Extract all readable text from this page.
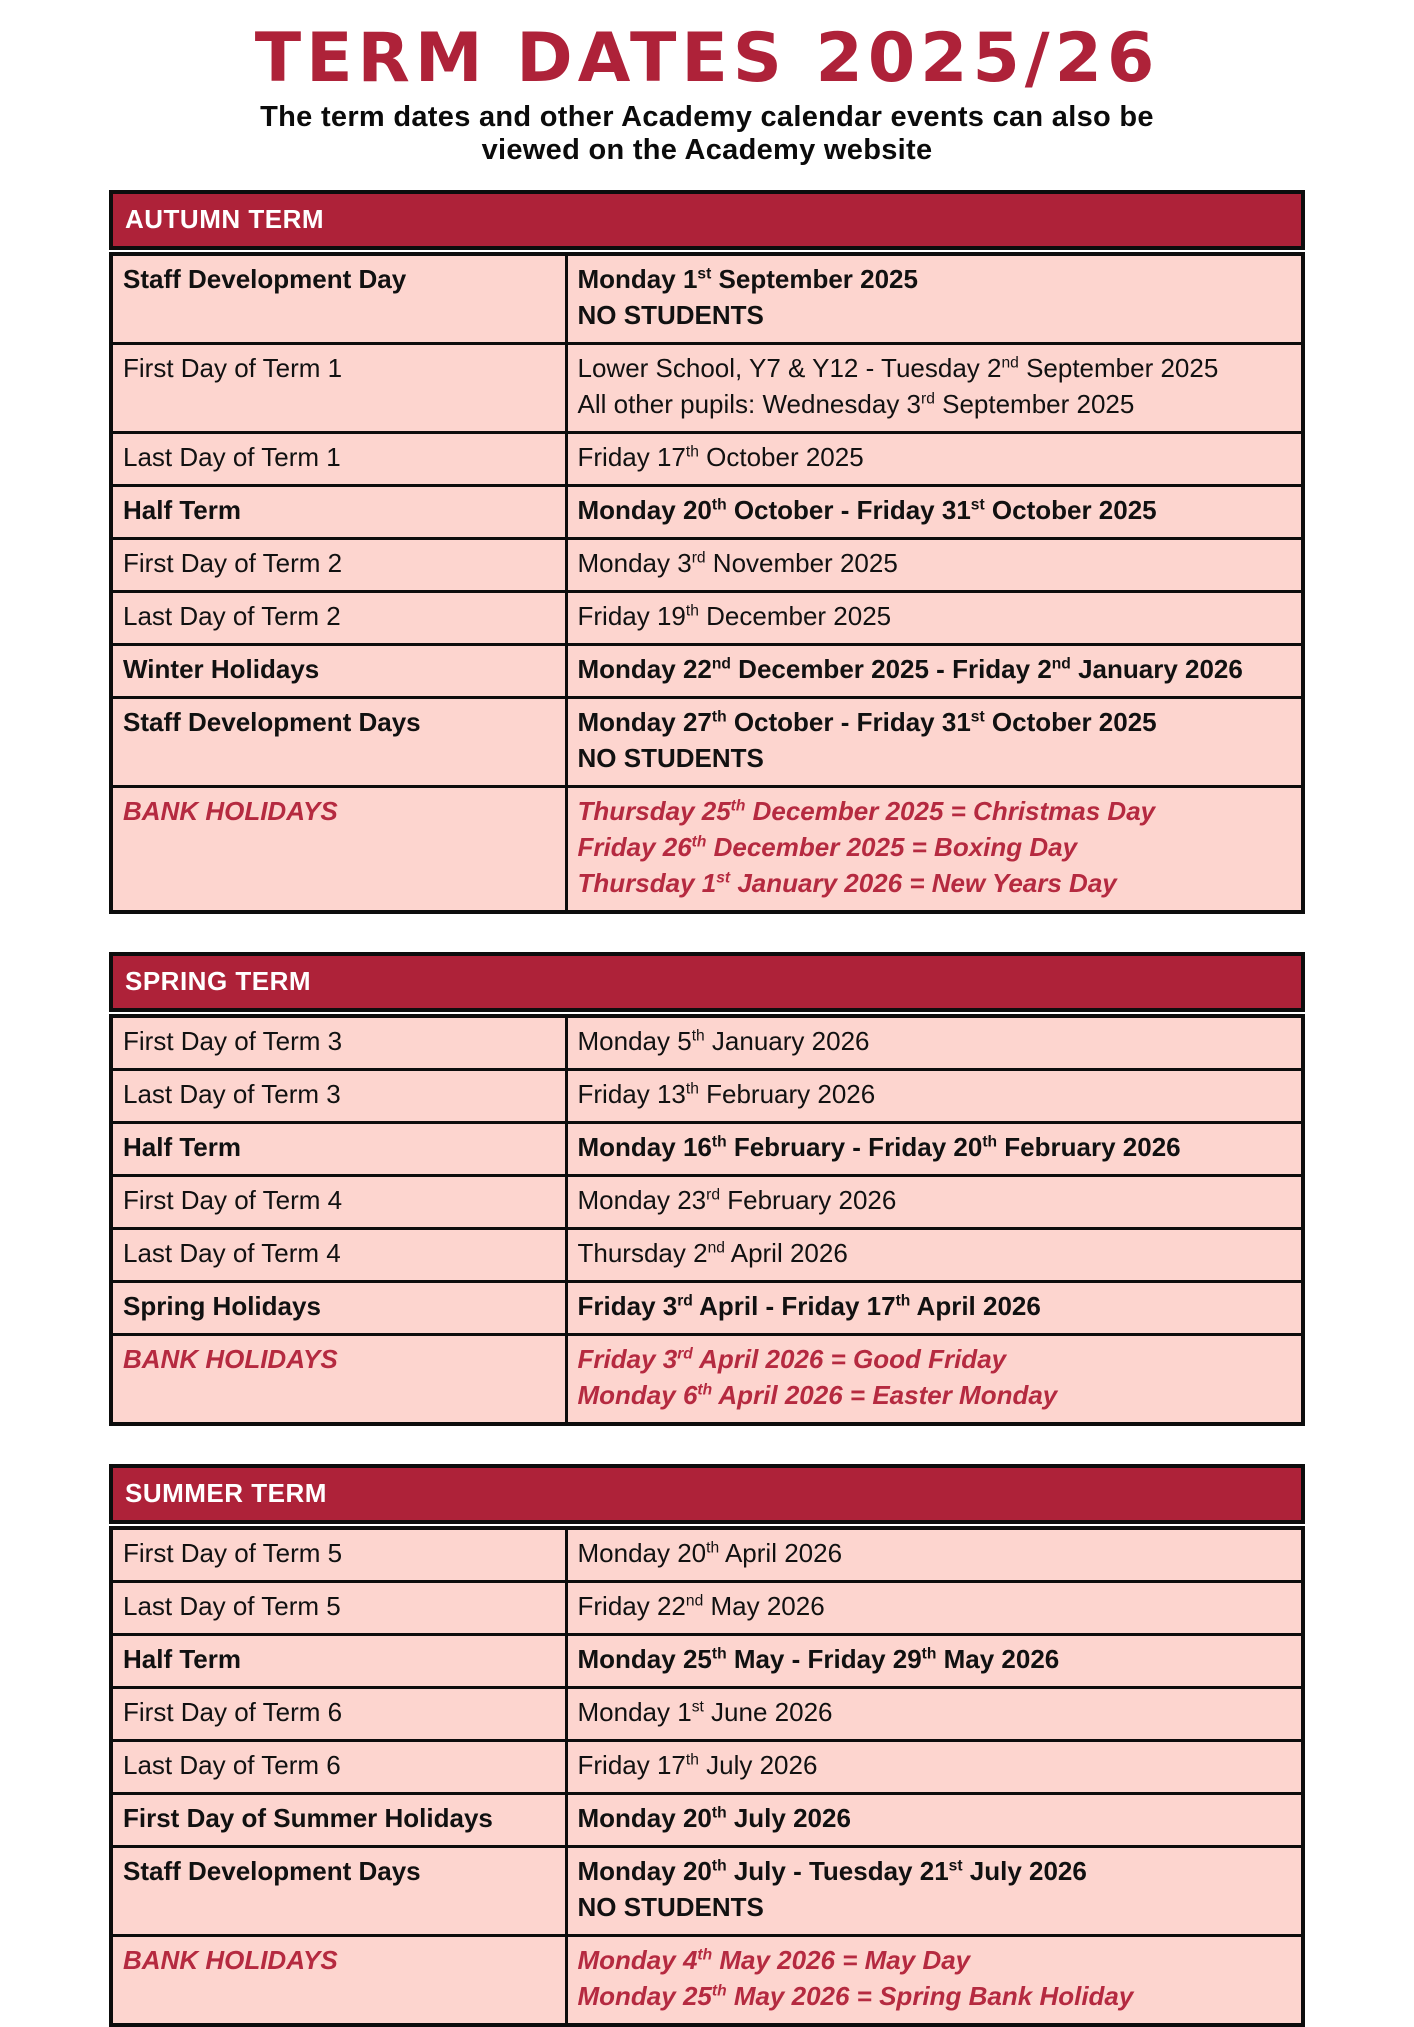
TERM DATES 2025/26

The term dates and other Academy calendar events can also be
viewed on the Academy website

AUTUMN TERM
Staff Development Day	Monday 1st September 2025
NO STUDENTS
First Day of Term 1	Lower School, Y7 & Y12 - Tuesday 2nd September 2025
All other pupils: Wednesday 3rd September 2025
Last Day of Term 1	Friday 17th October 2025
Half Term	Monday 20th October - Friday 31st October 2025
First Day of Term 2	Monday 3rd November 2025
Last Day of Term 2	Friday 19th December 2025
Winter Holidays	Monday 22nd December 2025 - Friday 2nd January 2026
Staff Development Days	Monday 27th October - Friday 31st October 2025
NO STUDENTS
BANK HOLIDAYS	Thursday 25th December 2025 = Christmas Day
Friday 26th December 2025 = Boxing Day
Thursday 1st January 2026 = New Years Day
SPRING TERM
First Day of Term 3	Monday 5th January 2026
Last Day of Term 3	Friday 13th February 2026
Half Term	Monday 16th February - Friday 20th February 2026
First Day of Term 4	Monday 23rd February 2026
Last Day of Term 4	Thursday 2nd April 2026
Spring Holidays	Friday 3rd April - Friday 17th April 2026
BANK HOLIDAYS	Friday 3rd April 2026 = Good Friday
Monday 6th April 2026 = Easter Monday
SUMMER TERM
First Day of Term 5	Monday 20th April 2026
Last Day of Term 5	Friday 22nd May 2026
Half Term	Monday 25th May - Friday 29th May 2026
First Day of Term 6	Monday 1st June 2026
Last Day of Term 6	Friday 17th July 2026
First Day of Summer Holidays	Monday 20th July 2026
Staff Development Days	Monday 20th July - Tuesday 21st July 2026
NO STUDENTS
BANK HOLIDAYS	Monday 4th May 2026 = May Day
Monday 25th May 2026 = Spring Bank Holiday
